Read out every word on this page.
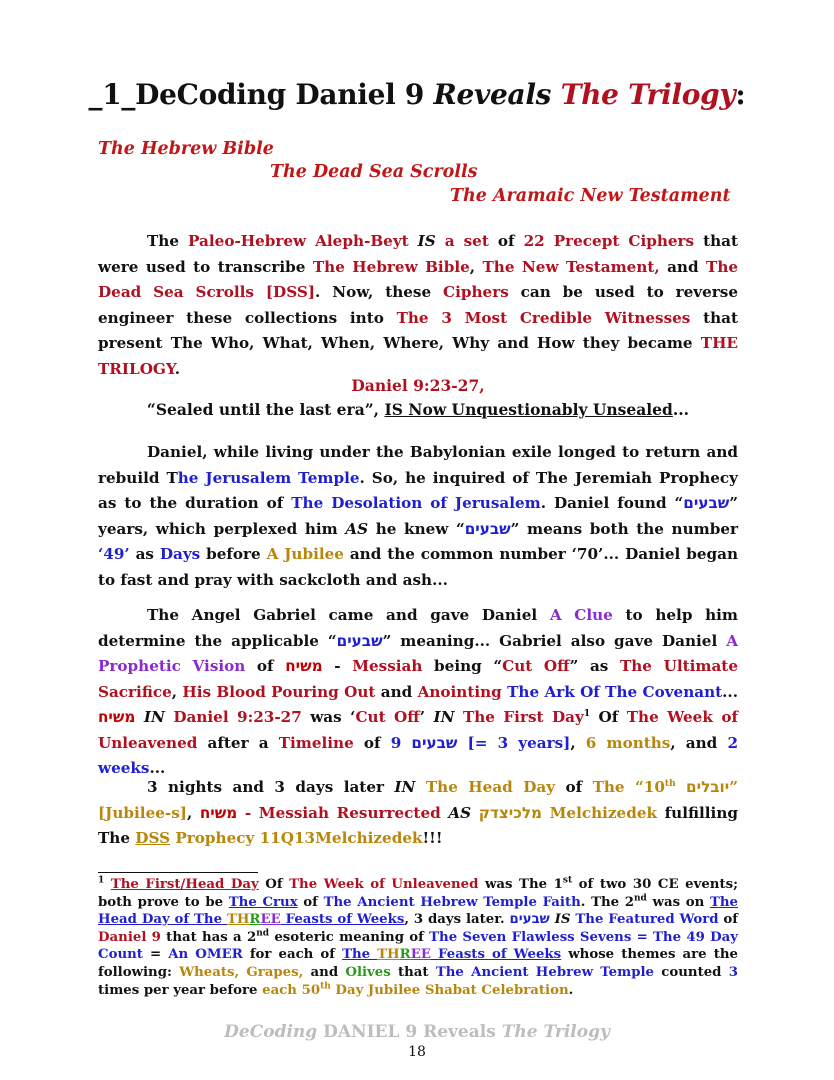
_1_DeCoding Daniel 9 Reveals The Trilogy:
The Hebrew Bible
The Dead Sea Scrolls
The Aramaic New Testament
The Paleo-Hebrew Aleph-Beyt IS a set of 22 Precept Ciphers that were used to transcribe The Hebrew Bible, The New Testament, and The Dead Sea Scrolls [DSS]. Now, these Ciphers can be used to reverse engineer these collections into The 3 Most Credible Witnesses that present The Who, What, When, Where, Why and How they became THE TRILOGY.
Daniel 9:23-27,
“Sealed until the last era”, IS Now Unquestionably Unsealed...
Daniel, while living under the Babylonian exile longed to return and rebuild The Jerusalem Temple. So, he inquired of The Jeremiah Prophecy as to the duration of The Desolation of Jerusalem. Daniel found “שבעים” years, which perplexed him AS he knew “שבעים” means both the number ‘49’ as Days before A Jubilee and the common number ‘70’... Daniel began to fast and pray with sackcloth and ash...
The Angel Gabriel came and gave Daniel A Clue to help him determine the applicable “שבעים” meaning... Gabriel also gave Daniel A Prophetic Vision of משיח - Messiah being “Cut Off” as The Ultimate Sacrifice, His Blood Pouring Out and Anointing The Ark Of The Covenant... משיח IN Daniel 9:23-27 was ‘Cut Off’ IN The First Day$^1$ Of The Week of Unleavened after a Timeline of 9 שבעים [= 3 years], 6 months, and 2 weeks...
3 nights and 3 days later IN The Head Day of The “10th יובלים” [Jubilee-s], משיח - Messiah Resurrected AS מלכיצדק Melchizedek fulfilling The DSS Prophecy 11Q13Melchizedek!!!
$^1$ The First/Head Day Of The Week of Unleavened was The 1st of two 30 CE events; both prove to be The Crux of The Ancient Hebrew Temple Faith. The 2nd was on The Head Day of The THREE Feasts of Weeks, 3 days later. שבעים IS The Featured Word of Daniel 9 that has a 2nd esoteric meaning of The Seven Flawless Sevens = The 49 Day Count = An OMER for each of The THREE Feasts of Weeks whose themes are the following: Wheats, Grapes, and Olives that The Ancient Hebrew Temple counted 3 times per year before each 50th Day Jubilee Shabat Celebration.
DeCoding DANIEL 9 Reveals The Trilogy
18
